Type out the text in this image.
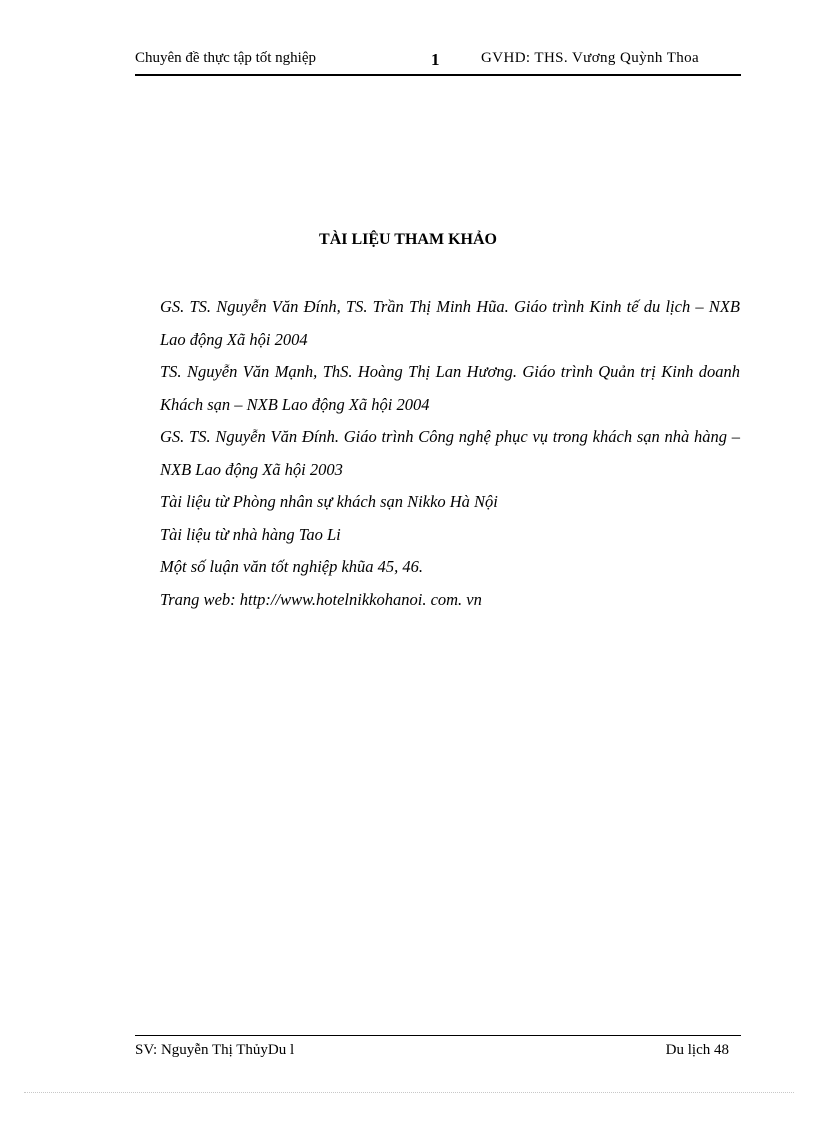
Chuyên đề thực tập tốt nghiệp	1	GVHD: THS. Vương Quỳnh Thoa
TÀI LIỆU THAM KHẢO

GS. TS. Nguyễn Văn Đính, TS. Trần Thị Minh Hũa. Giáo trình Kinh tế du lịch – NXB Lao động Xã hội 2004

TS. Nguyễn Văn Mạnh, ThS. Hoàng Thị Lan Hương. Giáo trình Quản trị Kinh doanh Khách sạn – NXB Lao động Xã hội 2004

GS. TS. Nguyễn Văn Đính. Giáo trình Công nghệ phục vụ trong khách sạn nhà hàng – NXB Lao động Xã hội 2003

Tài liệu từ Phòng nhân sự khách sạn Nikko Hà Nội

Tài liệu từ nhà hàng Tao Li

Một số luận văn tốt nghiệp khũa 45, 46.

Trang web: http://www.hotelnikkohanoi. com. vn

SV: Nguyễn Thị ThủyDu l	Du lịch 48
